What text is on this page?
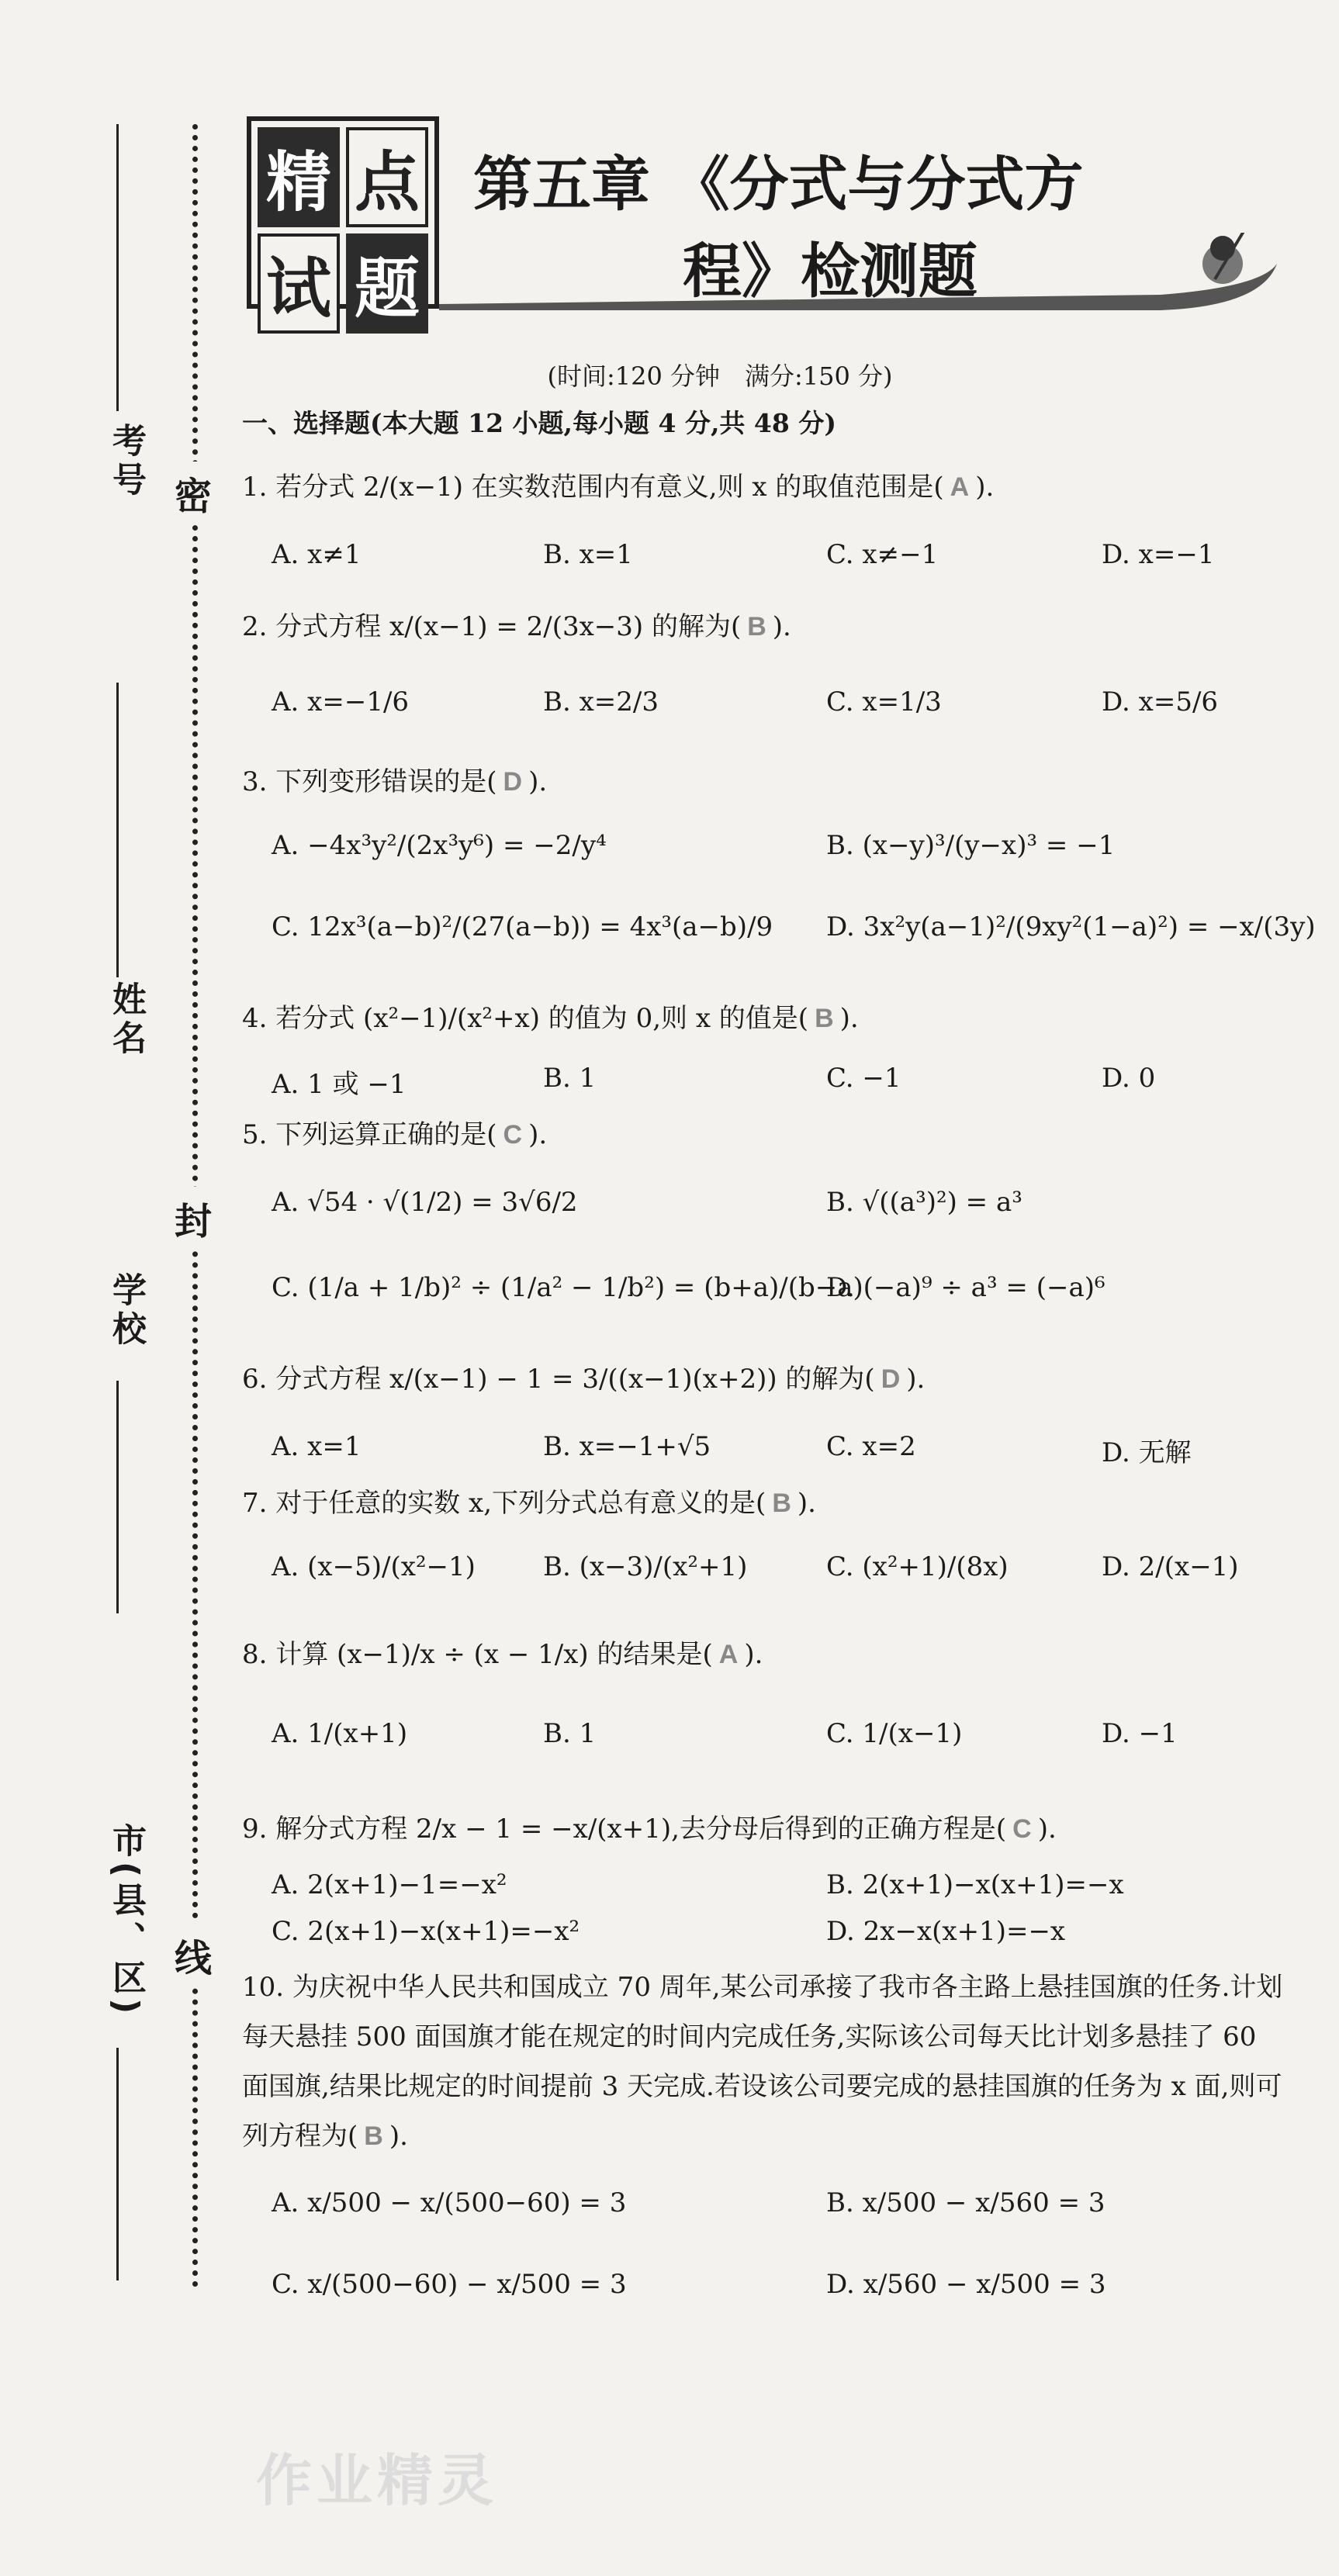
考号
姓名
学校
市(县、区)
密
封
线
精 点
试 题
第五章 《分式与分式方
程》检测题
(时间:120 分钟　满分:150 分)
一、选择题(本大题 12 小题,每小题 4 分,共 48 分)
1. 若分式 2/(x−1) 在实数范围内有意义,则 x 的取值范围是( A ).
A. x≠1	B. x=1	C. x≠−1	D. x=−1
2. 分式方程 x/(x−1) = 2/(3x−3) 的解为( B ).
A. x=−1/6	B. x=2/3	C. x=1/3	D. x=5/6
3. 下列变形错误的是( D ).
A. −4x³y²/(2x³y⁶) = −2/y⁴	B. (x−y)³/(y−x)³ = −1
C. 12x³(a−b)²/(27(a−b)) = 4x³(a−b)/9 D. 3x²y(a−1)²/(9xy²(1−a)²) = −x/(3y)
4. 若分式 (x²−1)/(x²+x) 的值为 0,则 x 的值是( B ).
A. 1 或 −1	B. 1	C. −1	D. 0
5. 下列运算正确的是( C ).
A. √54 · √(1/2) = 3√6/2	B. √((a³)²) = a³
C. (1/a + 1/b)² ÷ (1/a² − 1/b²) = (b+a)/(b−a)
D. (−a)⁹ ÷ a³ = (−a)⁶
6. 分式方程 x/(x−1) − 1 = 3/((x−1)(x+2)) 的解为( D ).
A. x=1	B. x=−1+√5	C. x=2	D. 无解
7. 对于任意的实数 x,下列分式总有意义的是( B ).
A. (x−5)/(x²−1)	B. (x−3)/(x²+1)	C. (x²+1)/(8x)	D. 2/(x−1)
8. 计算 (x−1)/x ÷ (x − 1/x) 的结果是( A ).
A. 1/(x+1)	B. 1	C. 1/(x−1)	D. −1
9. 解分式方程 2/x − 1 = −x/(x+1),去分母后得到的正确方程是( C ).
A. 2(x+1)−1=−x²	B. 2(x+1)−x(x+1)=−x
C. 2(x+1)−x(x+1)=−x²	D. 2x−x(x+1)=−x
10. 为庆祝中华人民共和国成立 70 周年,某公司承接了我市各主路上悬挂国旗的任务.计划每天悬挂 500 面国旗才能在规定的时间内完成任务,实际该公司每天比计划多悬挂了 60 面国旗,结果比规定的时间提前 3 天完成.若设该公司要完成的悬挂国旗的任务为 x 面,则可列方程为( B ).
A. x/500 − x/(500−60) = 3	B. x/500 − x/560 = 3
C. x/(500−60) − x/500 = 3	D. x/560 − x/500 = 3
作业精灵
